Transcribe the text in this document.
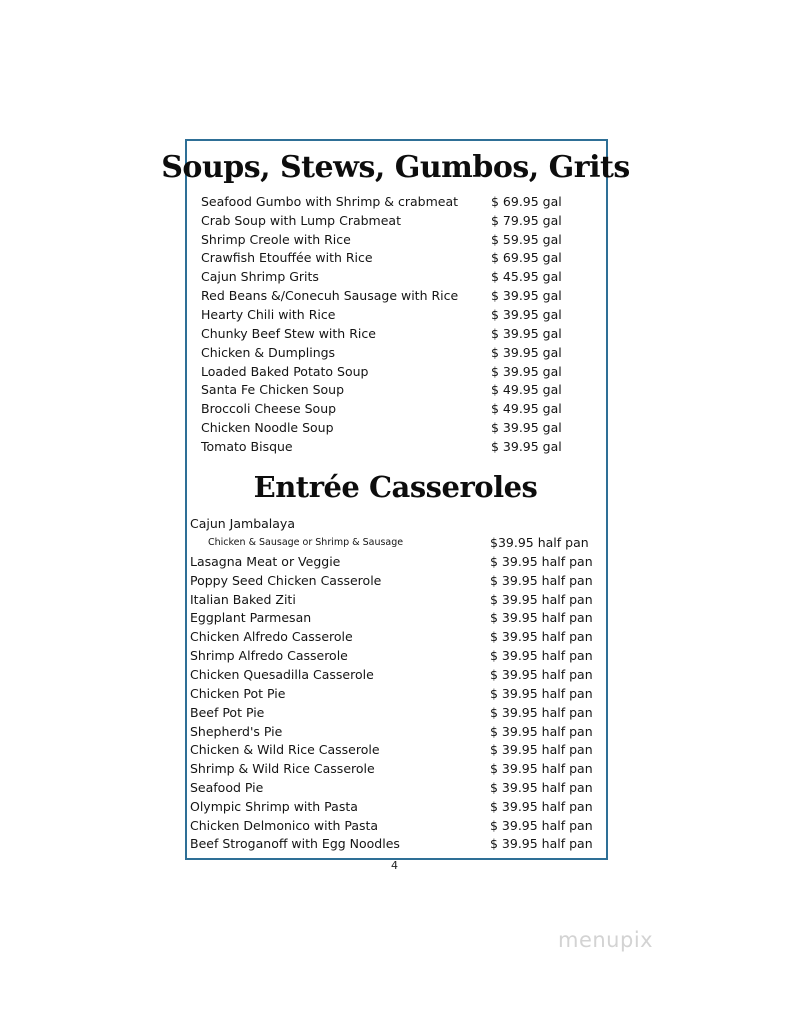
Soups, Stews, Gumbos, Grits
Seafood Gumbo with Shrimp & crabmeat	$ 69.95 gal
Crab Soup with Lump Crabmeat	$ 79.95 gal
Shrimp Creole with Rice	$ 59.95 gal
Crawfish Etouffée with Rice	$ 69.95 gal
Cajun Shrimp Grits	$ 45.95 gal
Red Beans &/Conecuh Sausage with Rice	$ 39.95 gal
Hearty Chili with Rice	$ 39.95 gal
Chunky Beef Stew with Rice	$ 39.95 gal
Chicken & Dumplings	$ 39.95 gal
Loaded Baked Potato Soup	$ 39.95 gal
Santa Fe Chicken Soup	$ 49.95 gal
Broccoli Cheese Soup	$ 49.95 gal
Chicken Noodle Soup	$ 39.95 gal
Tomato Bisque	$ 39.95 gal
Entrée Casseroles
Cajun Jambalaya
Chicken & Sausage or Shrimp & Sausage	$39.95 half pan
Lasagna Meat or Veggie	$ 39.95 half pan
Poppy Seed Chicken Casserole	$ 39.95 half pan
Italian Baked Ziti	$ 39.95 half pan
Eggplant Parmesan	$ 39.95 half pan
Chicken Alfredo Casserole	$ 39.95 half pan
Shrimp Alfredo Casserole	$ 39.95 half pan
Chicken Quesadilla Casserole	$ 39.95 half pan
Chicken Pot Pie	$ 39.95 half pan
Beef Pot Pie	$ 39.95 half pan
Shepherd's Pie	$ 39.95 half pan
Chicken & Wild Rice Casserole	$ 39.95 half pan
Shrimp & Wild Rice Casserole	$ 39.95 half pan
Seafood Pie	$ 39.95 half pan
Olympic Shrimp with Pasta	$ 39.95 half pan
Chicken Delmonico with Pasta	$ 39.95 half pan
Beef Stroganoff with Egg Noodles	$ 39.95 half pan
4
menupix
